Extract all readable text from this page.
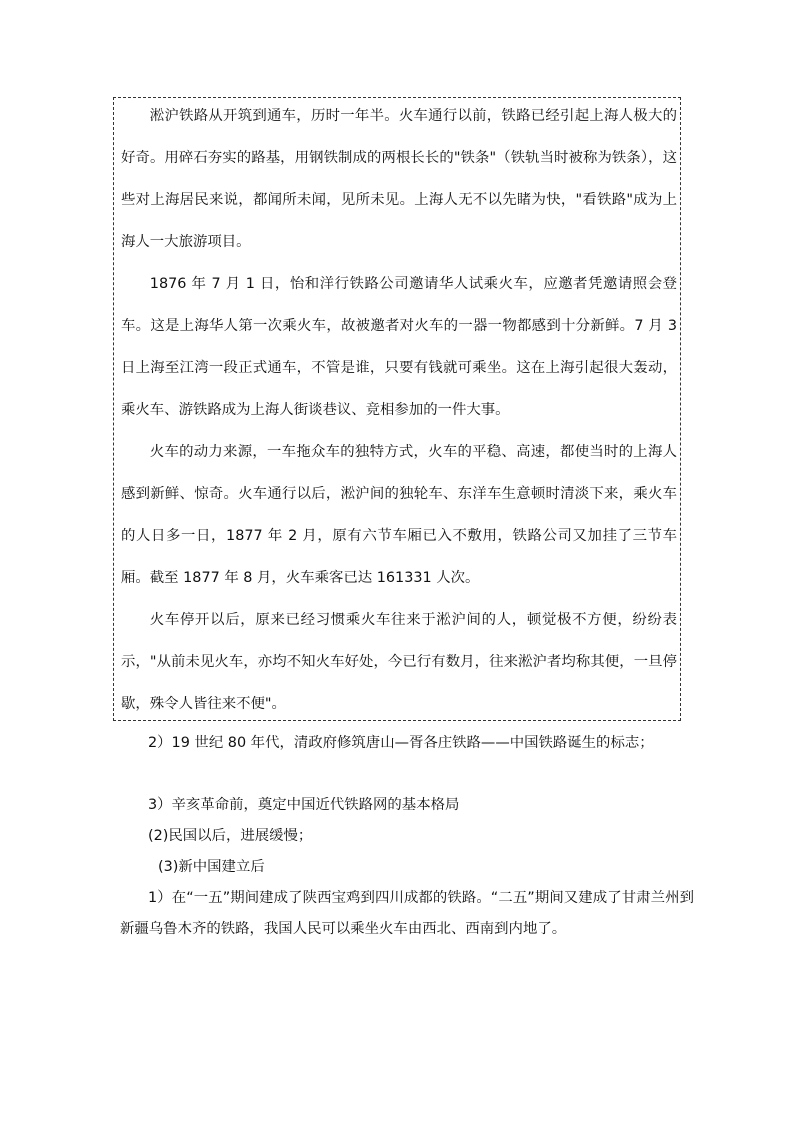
淞沪铁路从开筑到通车，历时一年半。火车通行以前，铁路已经引起上海人极大的好奇。用碎石夯实的路基，用钢铁制成的两根长长的"铁条"（铁轨当时被称为铁条），这些对上海居民来说，都闻所未闻，见所未见。上海人无不以先睹为快，"看铁路"成为上海人一大旅游项目。

1876 年 7 月 1 日，怡和洋行铁路公司邀请华人试乘火车，应邀者凭邀请照会登车。这是上海华人第一次乘火车，故被邀者对火车的一器一物都感到十分新鲜。7 月 3 日上海至江湾一段正式通车，不管是谁，只要有钱就可乘坐。这在上海引起很大轰动，乘火车、游铁路成为上海人街谈巷议、竞相参加的一件大事。

火车的动力来源，一车拖众车的独特方式，火车的平稳、高速，都使当时的上海人感到新鲜、惊奇。火车通行以后，淞沪间的独轮车、东洋车生意顿时清淡下来，乘火车的人日多一日，1877 年 2 月，原有六节车厢已入不敷用，铁路公司又加挂了三节车厢。截至 1877 年 8 月，火车乘客已达 161331 人次。

火车停开以后，原来已经习惯乘火车往来于淞沪间的人，顿觉极不方便，纷纷表示，"从前未见火车，亦均不知火车好处，今已行有数月，往来淞沪者均称其便，一旦停歇，殊令人皆往来不便"。

2）19 世纪 80 年代，清政府修筑唐山—胥各庄铁路——中国铁路诞生的标志；

3）辛亥革命前，奠定中国近代铁路网的基本格局

(2)民国以后，进展缓慢；

(3)新中国建立后

1）在“一五”期间建成了陕西宝鸡到四川成都的铁路。“二五”期间又建成了甘肃兰州到新疆乌鲁木齐的铁路，我国人民可以乘坐火车由西北、西南到内地了。
